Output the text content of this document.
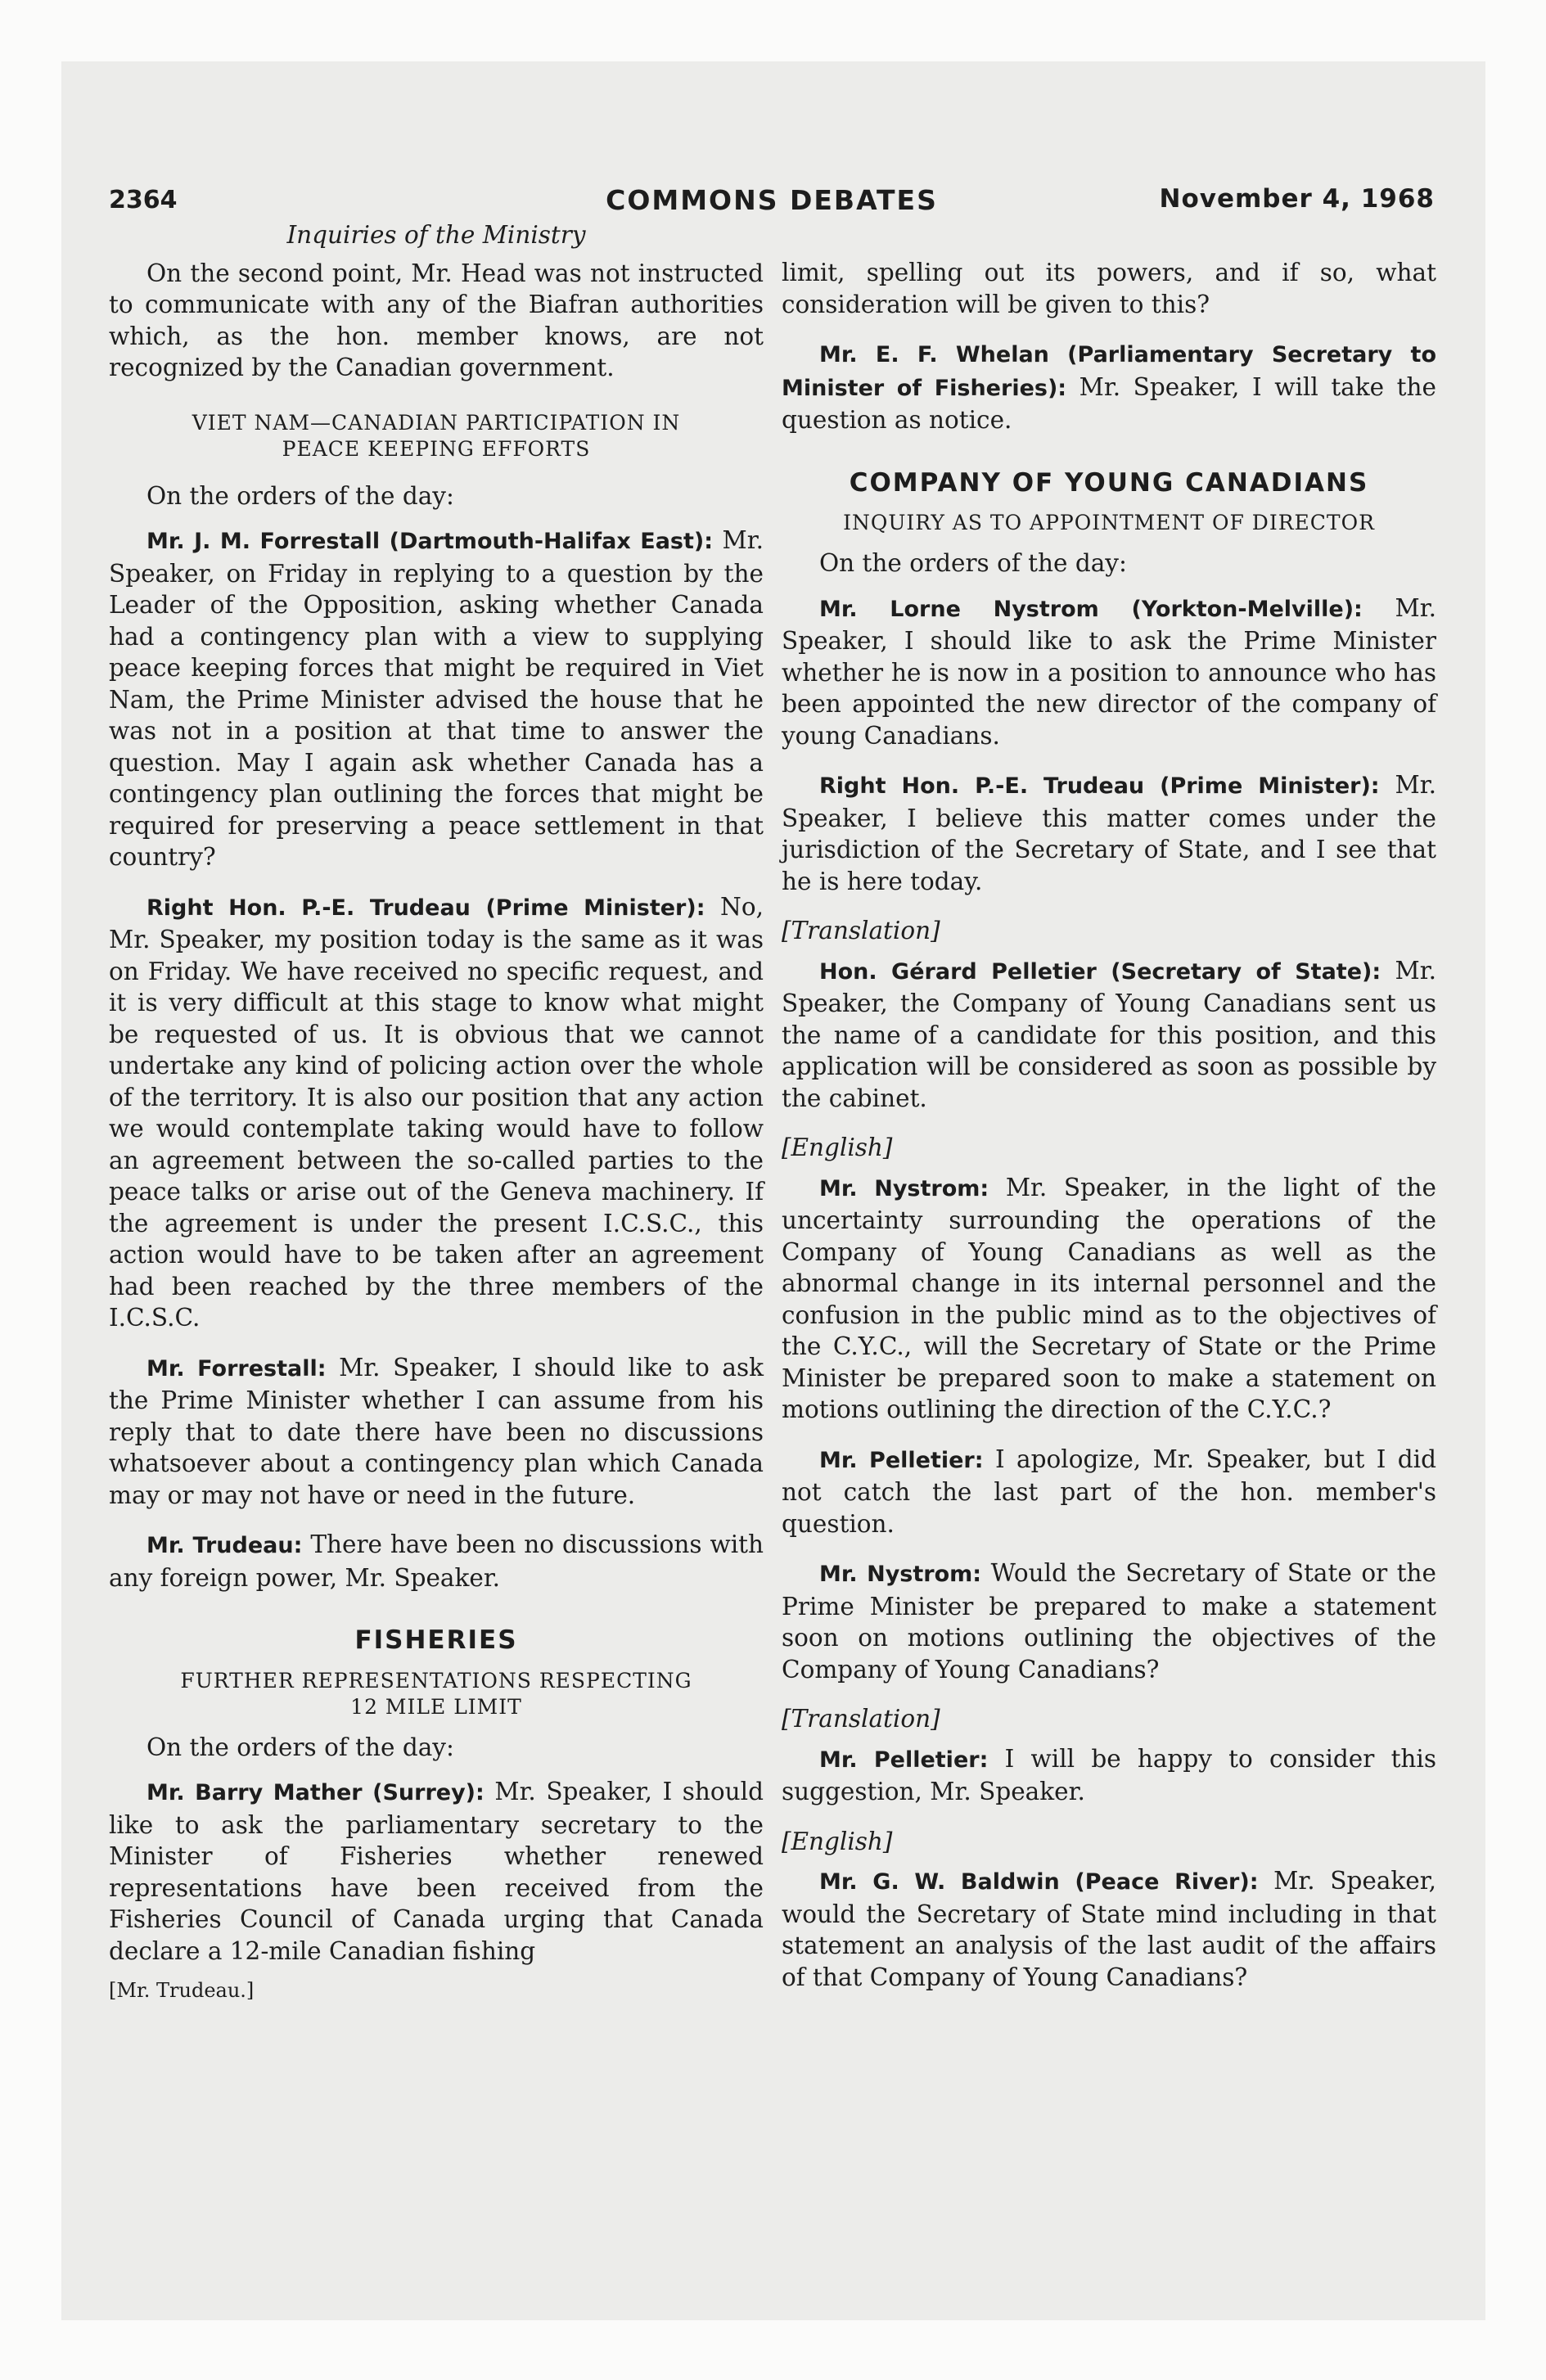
2364	COMMONS DEBATES	November 4, 1968
Inquiries of the Ministry

On the second point, Mr. Head was not instructed to communicate with any of the Biafran authorities which, as the hon. member knows, are not recognized by the Canadian government.

VIET NAM—CANADIAN PARTICIPATION IN
PEACE KEEPING EFFORTS
On the orders of the day:

Mr. J. M. Forrestall (Dartmouth-Halifax East): Mr. Speaker, on Friday in replying to a question by the Leader of the Opposition, asking whether Canada had a contingency plan with a view to supplying peace keeping forces that might be required in Viet Nam, the Prime Minister advised the house that he was not in a position at that time to answer the question. May I again ask whether Canada has a contingency plan outlining the forces that might be required for preserving a peace settlement in that country?

Right Hon. P.-E. Trudeau (Prime Minister): No, Mr. Speaker, my position today is the same as it was on Friday. We have received no specific request, and it is very difficult at this stage to know what might be requested of us. It is obvious that we cannot undertake any kind of policing action over the whole of the territory. It is also our position that any action we would contemplate taking would have to follow an agreement between the so-called parties to the peace talks or arise out of the Geneva machinery. If the agreement is under the present I.C.S.C., this action would have to be taken after an agreement had been reached by the three members of the I.C.S.C.

Mr. Forrestall: Mr. Speaker, I should like to ask the Prime Minister whether I can assume from his reply that to date there have been no discussions whatsoever about a contingency plan which Canada may or may not have or need in the future.

Mr. Trudeau: There have been no discussions with any foreign power, Mr. Speaker.

FISHERIES
FURTHER REPRESENTATIONS RESPECTING
12 MILE LIMIT
On the orders of the day:

Mr. Barry Mather (Surrey): Mr. Speaker, I should like to ask the parliamentary secretary to the Minister of Fisheries whether renewed representations have been received from the Fisheries Council of Canada urging that Canada declare a 12-mile Canadian fishing

[Mr. Trudeau.]

limit, spelling out its powers, and if so, what consideration will be given to this?

Mr. E. F. Whelan (Parliamentary Secretary to Minister of Fisheries): Mr. Speaker, I will take the question as notice.

COMPANY OF YOUNG CANADIANS
INQUIRY AS TO APPOINTMENT OF DIRECTOR
On the orders of the day:

Mr. Lorne Nystrom (Yorkton-Melville): Mr. Speaker, I should like to ask the Prime Minister whether he is now in a position to announce who has been appointed the new director of the company of young Canadians.

Right Hon. P.-E. Trudeau (Prime Minister): Mr. Speaker, I believe this matter comes under the jurisdiction of the Secretary of State, and I see that he is here today.

[Translation]

Hon. Gérard Pelletier (Secretary of State): Mr. Speaker, the Company of Young Canadians sent us the name of a candidate for this position, and this application will be considered as soon as possible by the cabinet.

[English]

Mr. Nystrom: Mr. Speaker, in the light of the uncertainty surrounding the operations of the Company of Young Canadians as well as the abnormal change in its internal personnel and the confusion in the public mind as to the objectives of the C.Y.C., will the Secretary of State or the Prime Minister be prepared soon to make a statement on motions outlining the direction of the C.Y.C.?

Mr. Pelletier: I apologize, Mr. Speaker, but I did not catch the last part of the hon. member's question.

Mr. Nystrom: Would the Secretary of State or the Prime Minister be prepared to make a statement soon on motions outlining the objectives of the Company of Young Canadians?

[Translation]

Mr. Pelletier: I will be happy to consider this suggestion, Mr. Speaker.

[English]

Mr. G. W. Baldwin (Peace River): Mr. Speaker, would the Secretary of State mind including in that statement an analysis of the last audit of the affairs of that Company of Young Canadians?
